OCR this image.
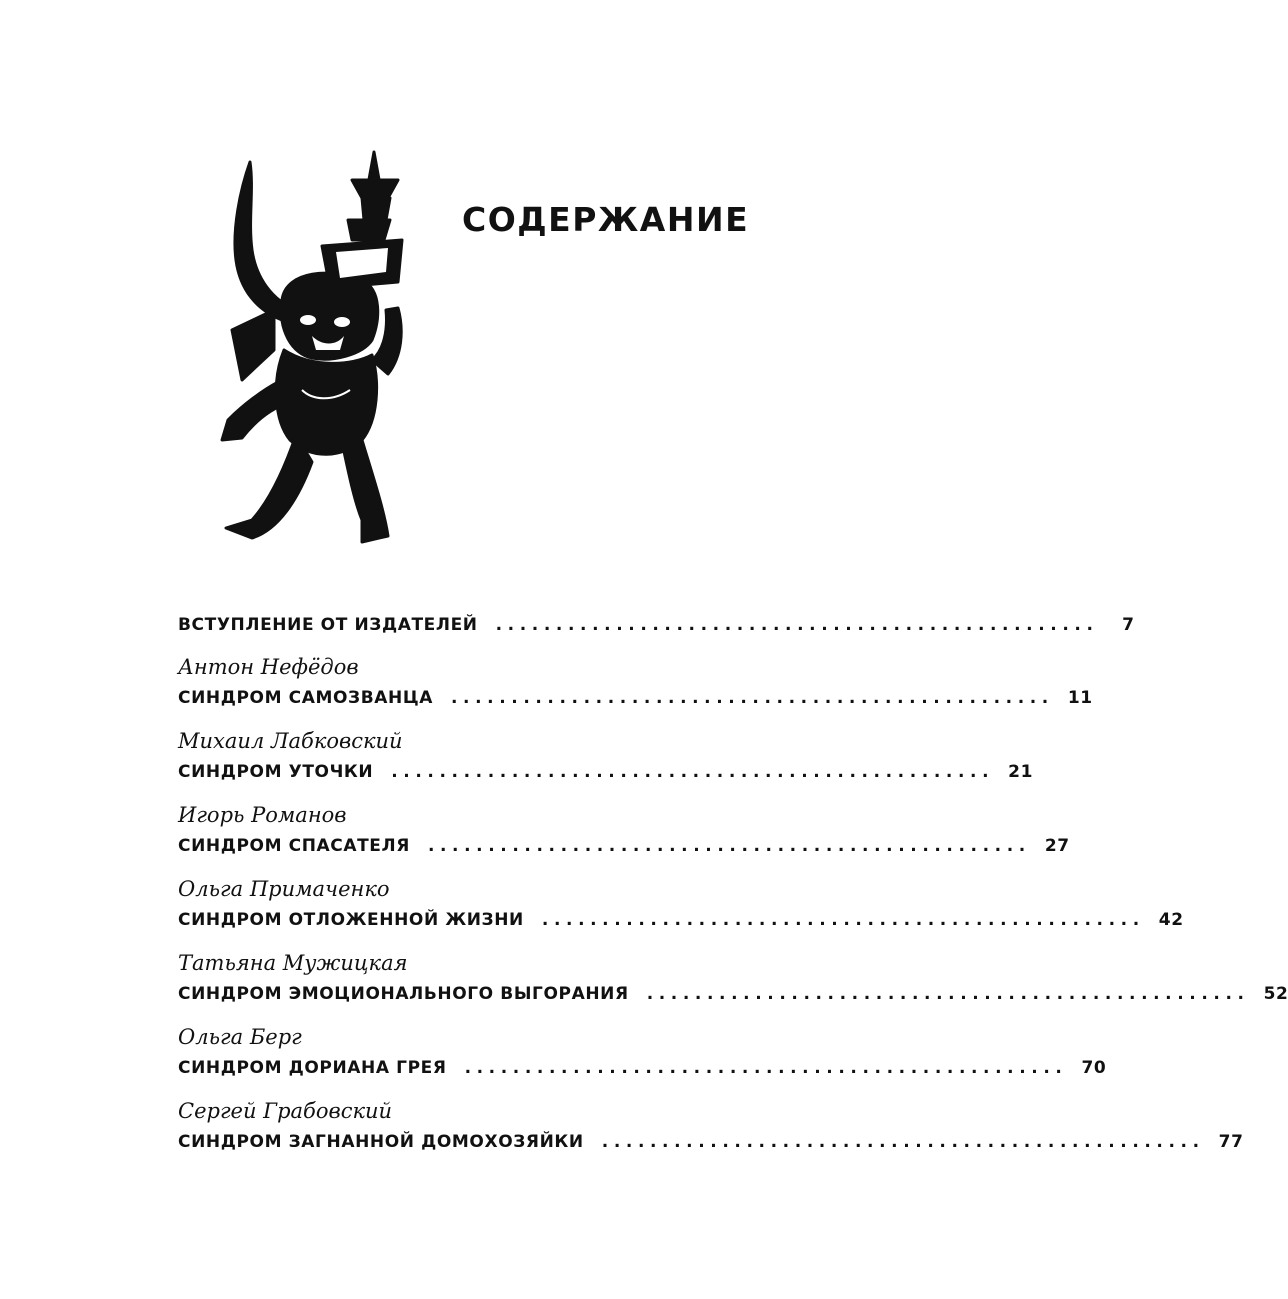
СОДЕРЖАНИЕ
ВСТУПЛЕНИЕ ОТ ИЗДАТЕЛЕЙ ..................................................	7
Антон Нефёдов
СИНДРОМ САМОЗВАНЦА .................................................. 11
Михаил Лабковский
СИНДРОМ УТОЧКИ .................................................. 21
Игорь Романов
СИНДРОМ СПАСАТЕЛЯ .................................................. 27
Ольга Примаченко
СИНДРОМ ОТЛОЖЕННОЙ ЖИЗНИ .................................................. 42
Татьяна Мужицкая
СИНДРОМ ЭМОЦИОНАЛЬНОГО ВЫГОРАНИЯ .................................................. 52
Ольга Берг
СИНДРОМ ДОРИАНА ГРЕЯ .................................................. 70
Сергей Грабовский
СИНДРОМ ЗАГНАННОЙ ДОМОХОЗЯЙКИ .................................................. 77
